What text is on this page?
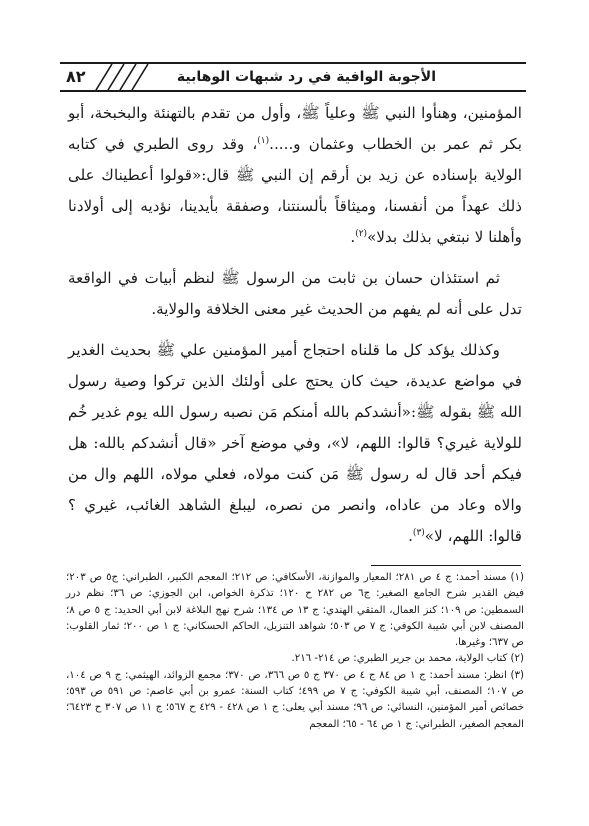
الأجوبة الوافية في رد شبهات الوهابية
٨٢

المؤمنين، وهنأوا النبي ﷺ وعلياً ﷺ، وأول من تقدم بالتهنئة والبخبخة، أبو بكر ثم عمر بن الخطاب وعثمان و.....$^{(١)}$، وقد روى الطبري في كتابه الولاية بإسناده عن زيد بن أرقم إن النبي ﷺ قال:«قولوا أعطيناك على ذلك عهداً من أنفسنا، وميثاقاً بألسنتنا، وصفقة بأيدينا، نؤديه إلى أولادنا وأهلنا لا نبتغي بذلك بدلا»$^{(٢)}$.

ثم استئذان حسان بن ثابت من الرسول ﷺ لنظم أبيات في الواقعة تدل على أنه لم يفهم من الحديث غير معنى الخلافة والولاية.

وكذلك يؤكد كل ما قلناه احتجاج أمير المؤمنين علي ﷺ بحديث الغدير في مواضع عديدة، حيث كان يحتج على أولئك الذين تركوا وصية رسول الله ﷺ بقوله ﷺ:«أنشدكم بالله أمنكم مَن نصبه رسول الله يوم غدير خُم للولاية غيري؟ قالوا: اللهم، لا»، وفي موضع آخر «قال أنشدكم بالله: هل فيكم أحد قال له رسول ﷺ مَن كنت مولاه، فعلي مولاه، اللهم وال من والاه وعاد من عاداه، وانصر من نصره، ليبلغ الشاهد الغائب، غيري ؟ قالوا: اللهم، لا»$^{(٣)}$.

(١) مسند أحمد: ج ٤ ص ٢٨١؛ المعيار والموازنة، الأسكافي: ص ٢١٢؛ المعجم الكبير، الطبراني: ج٥ ص ٢٠٣؛ فيض القدير شرح الجامع الصغير: ج٦ ص ٢٨٢ ح ١٢٠؛ تذكرة الخواص، ابن الجوزي: ص ٣٦؛ نظم درر السمطين: ص ١٠٩؛ كنز العمال، المتقي الهندي: ج ١٣ ص ١٣٤؛ شرح نهج البلاغة لابن أبي الحديد: ج ٥ ص ٨؛ المصنف لابن أبي شيبة الكوفي: ج ٧ ص ٥٠٣؛ شواهد التنزيل، الحاكم الحسكاني: ج ١ ص ٢٠٠؛ ثمار القلوب: ص ٦٣٧؛ وغيرها.

(٢) كتاب الولاية، محمد بن جرير الطبري: ص ٢١٤- ٢١٦.

(٣) انظر: مسند أحمد: ج ١ ص ٨٤ ج ٤ ص ٣٧٠ ج ٥ ص ٣٦٦، ص ٣٧٠؛ مجمع الزوائد، الهيثمي: ج ٩ ص ١٠٤، ص ١٠٧؛ المصنف، أبي شيبة الكوفي: ج ٧ ص ٤٩٩؛ كتاب السنة: عمرو بن أبي عاصم: ص ٥٩١ ص ٥٩٣؛ خصائص أمير المؤمنين، النسائي: ص ٩٦؛ مسند أبي يعلى: ج ١ ص ٤٢٨ - ٤٢٩ ح ٥٦٧؛ ج ١١ ص ٣٠٧ ح ٦٤٢٣؛ المعجم الصغير، الطبراني: ج ١ ص ٦٤ - ٦٥؛ المعجم
